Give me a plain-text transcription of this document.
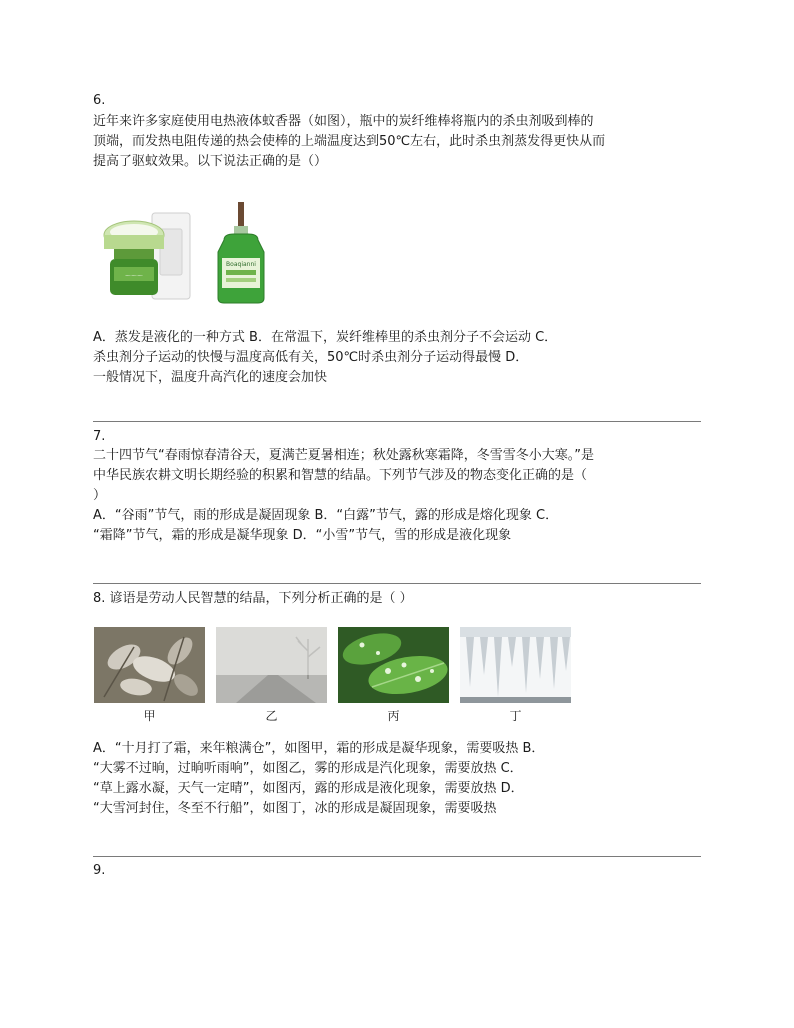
6.
近年来许多家庭使用电热液体蚊香器（如图），瓶中的炭纤维棒将瓶内的杀虫剂吸到棒的
顶端，而发热电阻传递的热会使棒的上端温度达到50℃左右，此时杀虫剂蒸发得更快从而
提高了驱蚊效果。以下说法正确的是（）
～～～
Boaqianni
A．蒸发是液化的一种方式 B．在常温下，炭纤维棒里的杀虫剂分子不会运动 C．
杀虫剂分子运动的快慢与温度高低有关，50℃时杀虫剂分子运动得最慢 D．
一般情况下，温度升高汽化的速度会加快
7.
二十四节气“春雨惊春清谷天，夏满芒夏暑相连；秋处露秋寒霜降，冬雪雪冬小大寒。”是
中华民族农耕文明长期经验的积累和智慧的结晶。下列节气涉及的物态变化正确的是（
）
A．“谷雨”节气，雨的形成是凝固现象 B．“白露”节气，露的形成是熔化现象 C．
“霜降”节气，霜的形成是凝华现象 D．“小雪”节气，雪的形成是液化现象
8. 谚语是劳动人民智慧的结晶，下列分析正确的是（ ）
甲	乙	丙	丁
A．“十月打了霜，来年粮满仓”，如图甲，霜的形成是凝华现象，需要吸热 B．
“大雾不过晌，过晌听雨响”，如图乙，雾的形成是汽化现象，需要放热 C．
“草上露水凝，天气一定晴”，如图丙，露的形成是液化现象，需要放热 D．
“大雪河封住，冬至不行船”，如图丁，冰的形成是凝固现象，需要吸热
9.
